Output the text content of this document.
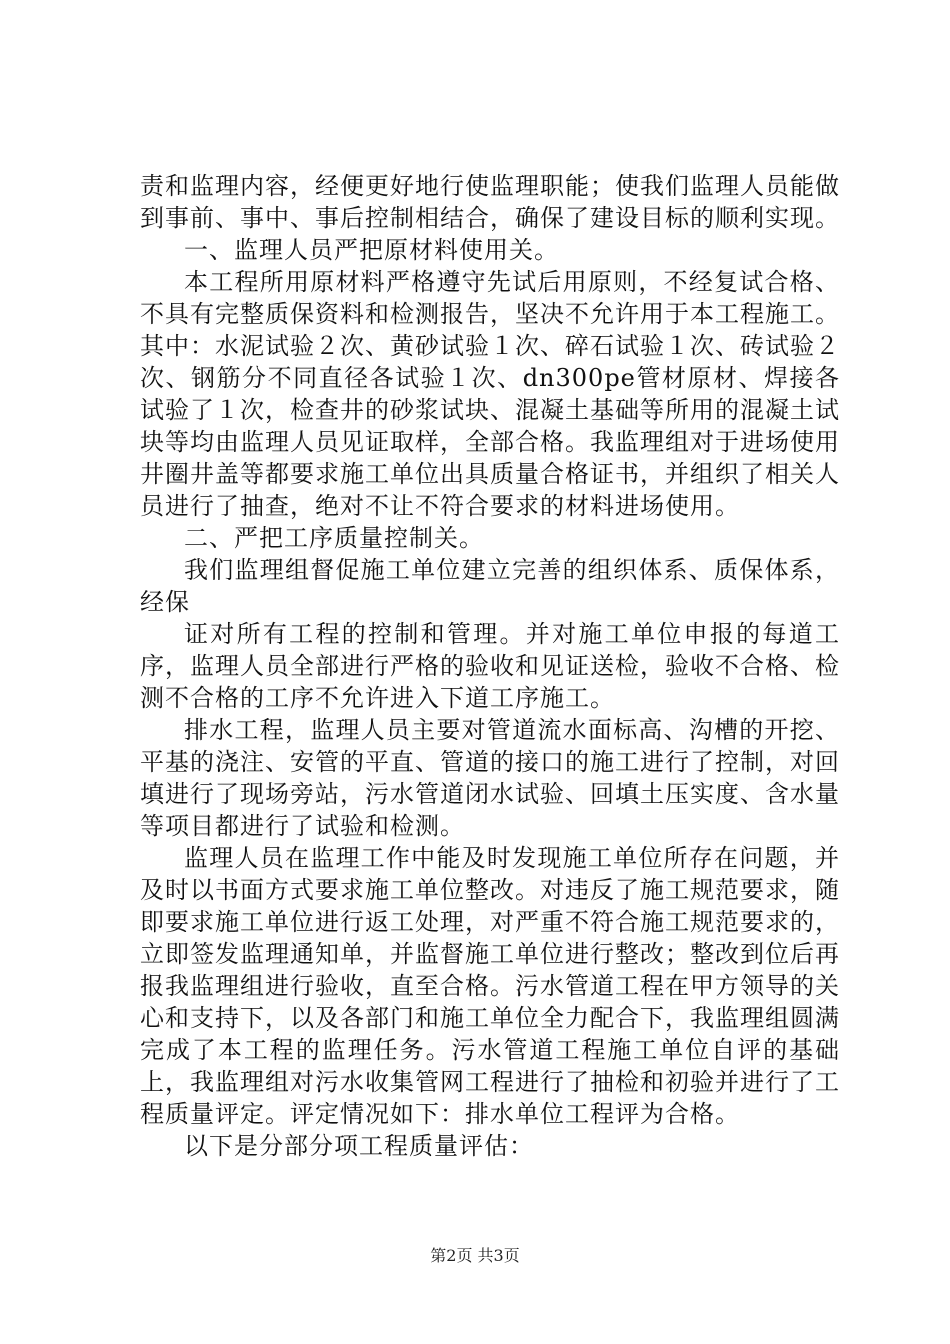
责和监理内容，经便更好地行使监理职能；使我们监理人员能做到事前、事中、事后控制相结合，确保了建设目标的顺利实现。

一、监理人员严把原材料使用关。

本工程所用原材料严格遵守先试后用原则，不经复试合格、不具有完整质保资料和检测报告，坚决不允许用于本工程施工。其中：水泥试验２次、黄砂试验１次、碎石试验１次、砖试验２次、钢筋分不同直径各试验１次、dn300pe管材原材、焊接各试验了１次，检查井的砂浆试块、混凝土基础等所用的混凝土试块等均由监理人员见证取样，全部合格。我监理组对于进场使用井圈井盖等都要求施工单位出具质量合格证书，并组织了相关人员进行了抽查，绝对不让不符合要求的材料进场使用。

二、严把工序质量控制关。

我们监理组督促施工单位建立完善的组织体系、质保体系，经保

证对所有工程的控制和管理。并对施工单位申报的每道工序，监理人员全部进行严格的验收和见证送检，验收不合格、检测不合格的工序不允许进入下道工序施工。

排水工程，监理人员主要对管道流水面标高、沟槽的开挖、平基的浇注、安管的平直、管道的接口的施工进行了控制，对回填进行了现场旁站，污水管道闭水试验、回填土压实度、含水量等项目都进行了试验和检测。

监理人员在监理工作中能及时发现施工单位所存在问题，并及时以书面方式要求施工单位整改。对违反了施工规范要求，随即要求施工单位进行返工处理，对严重不符合施工规范要求的，立即签发监理通知单，并监督施工单位进行整改；整改到位后再报我监理组进行验收，直至合格。污水管道工程在甲方领导的关心和支持下，以及各部门和施工单位全力配合下，我监理组圆满完成了本工程的监理任务。污水管道工程施工单位自评的基础上，我监理组对污水收集管网工程进行了抽检和初验并进行了工程质量评定。评定情况如下：排水单位工程评为合格。

以下是分部分项工程质量评估：

第2页 共3页
